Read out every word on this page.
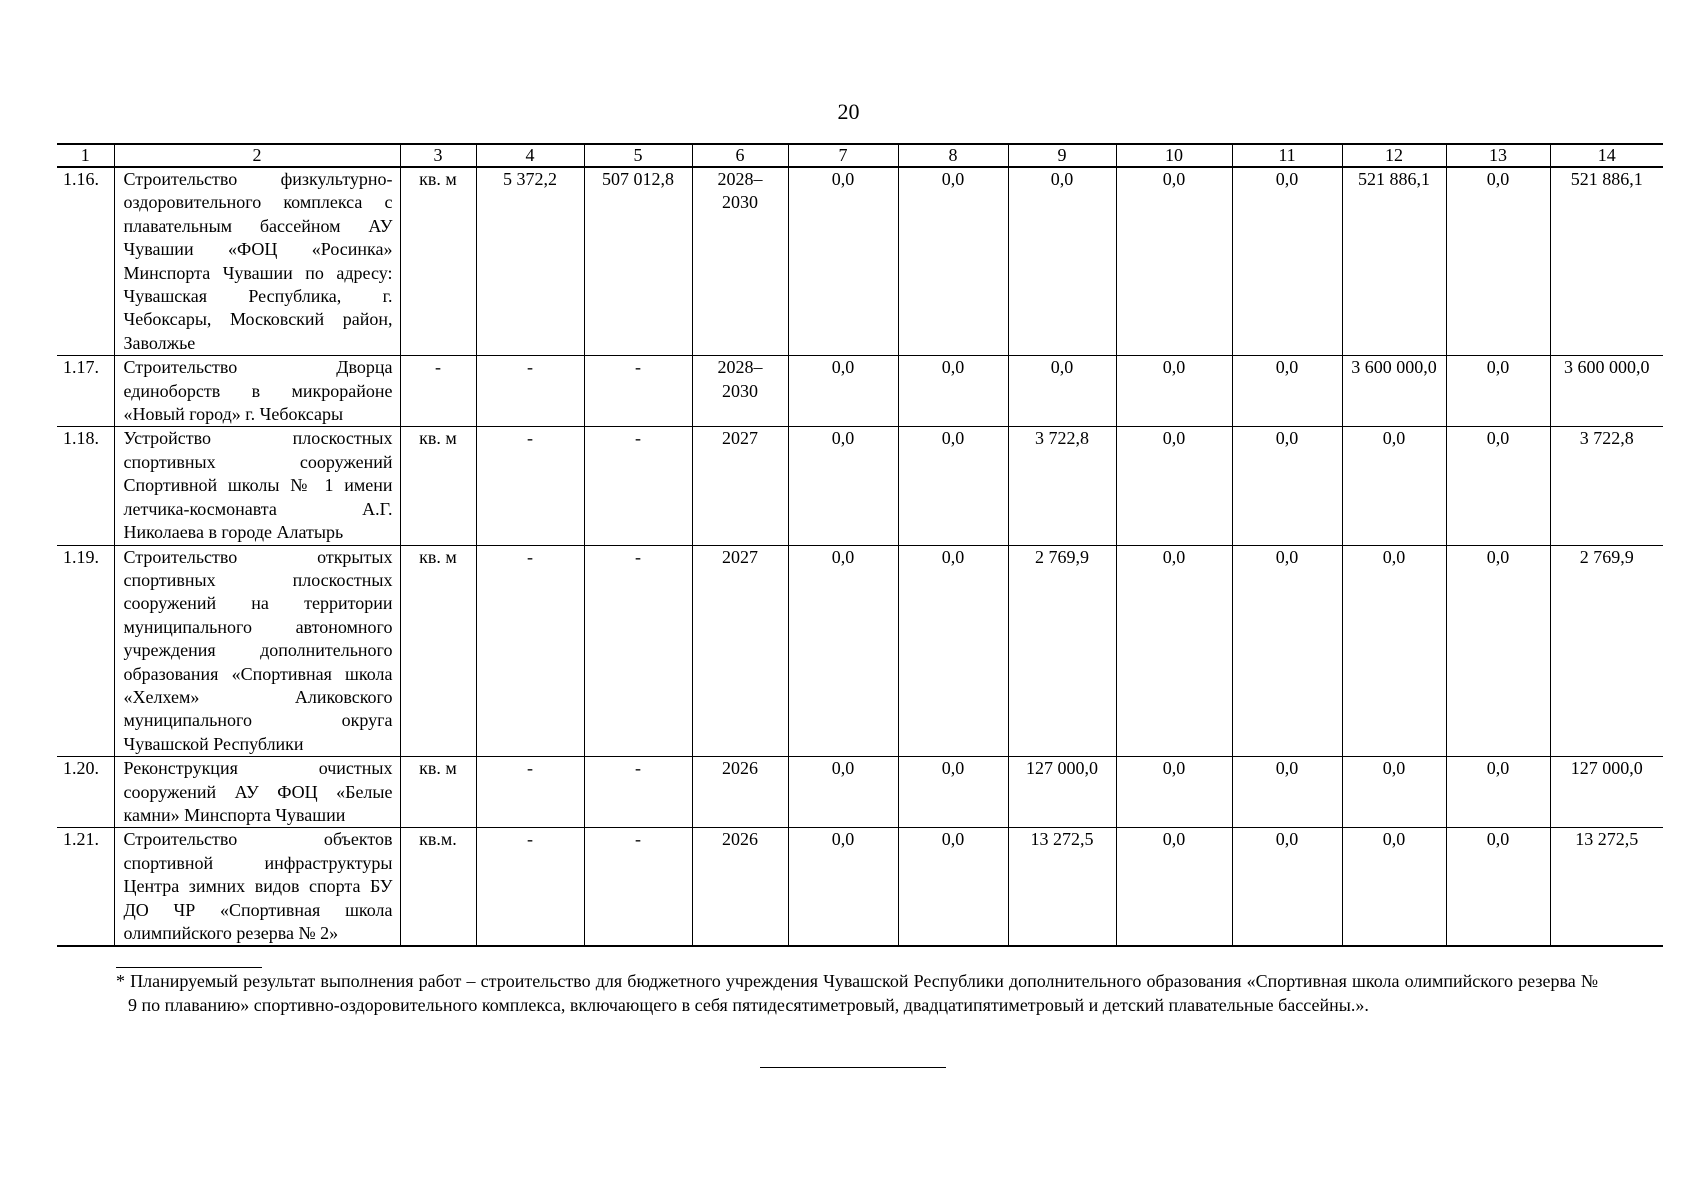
20
1	2	3	4	5	6	7	8	9	10	11	12	13	14
1.16.	Строительство физкультурно-оздоровительного комплекса с плавательным бассейном АУ Чувашии «ФОЦ «Росинка» Минспорта Чувашии по адресу: Чувашская Республика, г. Чебоксары, Московский район, Заволжье	кв. м	5 372,2	507 012,8	2028–2030	0,0	0,0	0,0	0,0	0,0	521 886,1	0,0	521 886,1
1.17.	Строительство Дворца единоборств в микрорайоне «Новый город» г. Чебоксары	-	-	-	2028–2030	0,0	0,0	0,0	0,0	0,0	3 600 000,0	0,0	3 600 000,0
1.18.	Устройство плоскостных спортивных сооружений Спортивной школы № 1 имени летчика-космонавта А.Г. Николаева в городе Алатырь	кв. м	-	-	2027	0,0	0,0	3 722,8	0,0	0,0	0,0	0,0	3 722,8
1.19.	Строительство открытых спортивных плоскостных сооружений на территории муниципального автономного учреждения дополнительного образования «Спортивная школа «Хелхем» Аликовского муниципального округа Чувашской Республики	кв. м	-	-	2027	0,0	0,0	2 769,9	0,0	0,0	0,0	0,0	2 769,9
1.20.	Реконструкция очистных сооружений АУ ФОЦ «Белые камни» Минспорта Чувашии	кв. м	-	-	2026	0,0	0,0	127 000,0	0,0	0,0	0,0	0,0	127 000,0
1.21.	Строительство объектов спортивной инфраструктуры Центра зимних видов спорта БУ ДО ЧР «Спортивная школа олимпийского резерва № 2»	кв.м.	-	-	2026	0,0	0,0	13 272,5	0,0	0,0	0,0	0,0	13 272,5
* Планируемый результат выполнения работ – строительство для бюджетного учреждения Чувашской Республики дополнительного образования «Спортивная школа олимпийского резерва № 9 по плаванию» спортивно-оздоровительного комплекса, включающего в себя пятидесятиметровый, двадцатипятиметровый и детский плавательные бассейны.».
